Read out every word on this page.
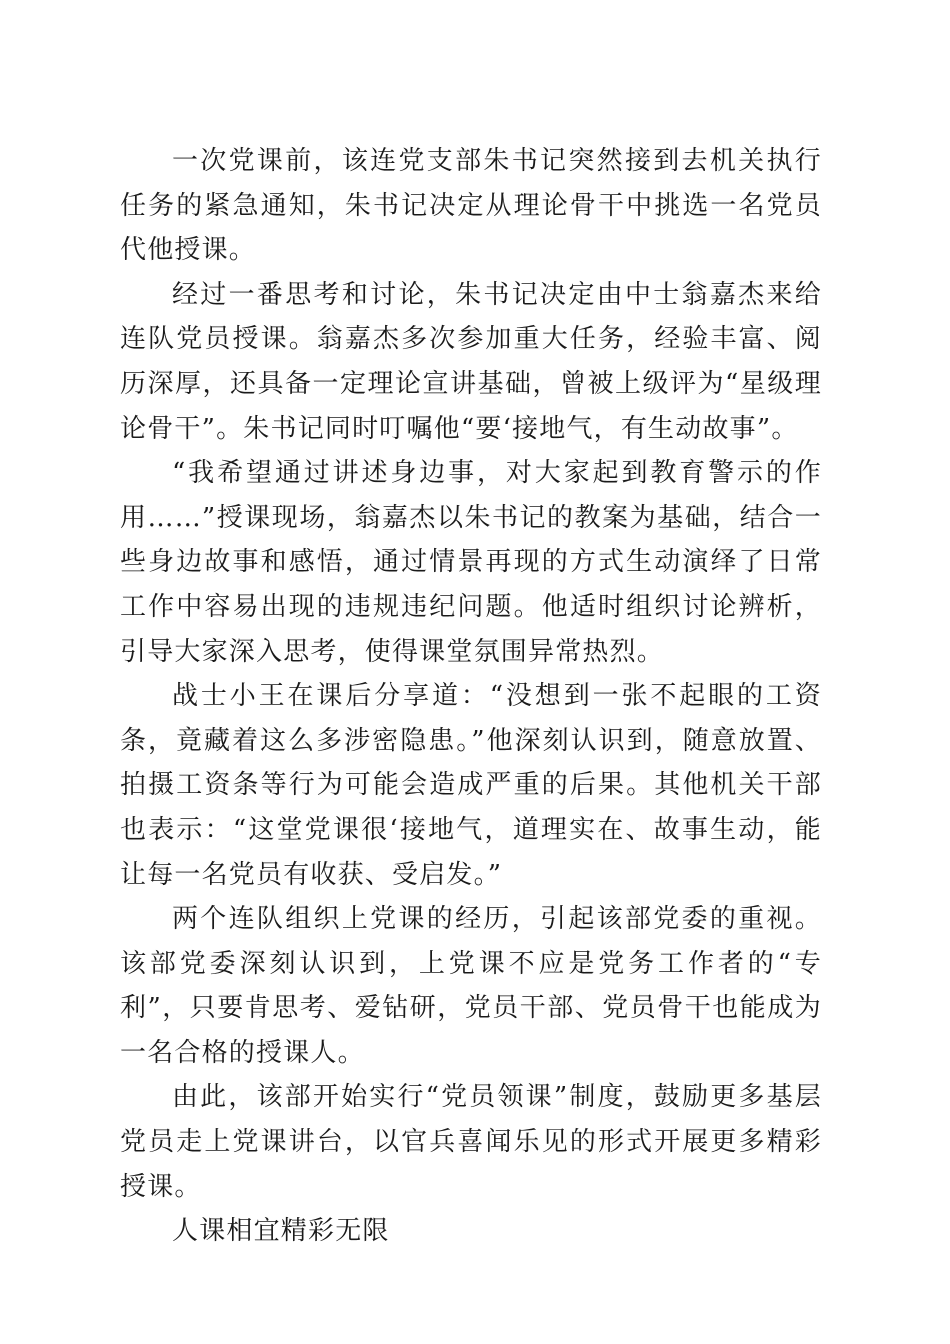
一次党课前，该连党支部朱书记突然接到去机关执行任务的紧急通知，朱书记决定从理论骨干中挑选一名党员代他授课。

经过一番思考和讨论，朱书记决定由中士翁嘉杰来给连队党员授课。翁嘉杰多次参加重大任务，经验丰富、阅历深厚，还具备一定理论宣讲基础，曾被上级评为“星级理论骨干”。朱书记同时叮嘱他“要‘接地气，有生动故事”。

“我希望通过讲述身边事，对大家起到教育警示的作用……”授课现场，翁嘉杰以朱书记的教案为基础，结合一些身边故事和感悟，通过情景再现的方式生动演绎了日常工作中容易出现的违规违纪问题。他适时组织讨论辨析，引导大家深入思考，使得课堂氛围异常热烈。

战士小王在课后分享道：“没想到一张不起眼的工资条，竟藏着这么多涉密隐患。”他深刻认识到，随意放置、拍摄工资条等行为可能会造成严重的后果。其他机关干部也表示：“这堂党课很‘接地气，道理实在、故事生动，能让每一名党员有收获、受启发。”

两个连队组织上党课的经历，引起该部党委的重视。该部党委深刻认识到，上党课不应是党务工作者的“专利”，只要肯思考、爱钻研，党员干部、党员骨干也能成为一名合格的授课人。

由此，该部开始实行“党员领课”制度，鼓励更多基层党员走上党课讲台，以官兵喜闻乐见的形式开展更多精彩授课。

人课相宜精彩无限
